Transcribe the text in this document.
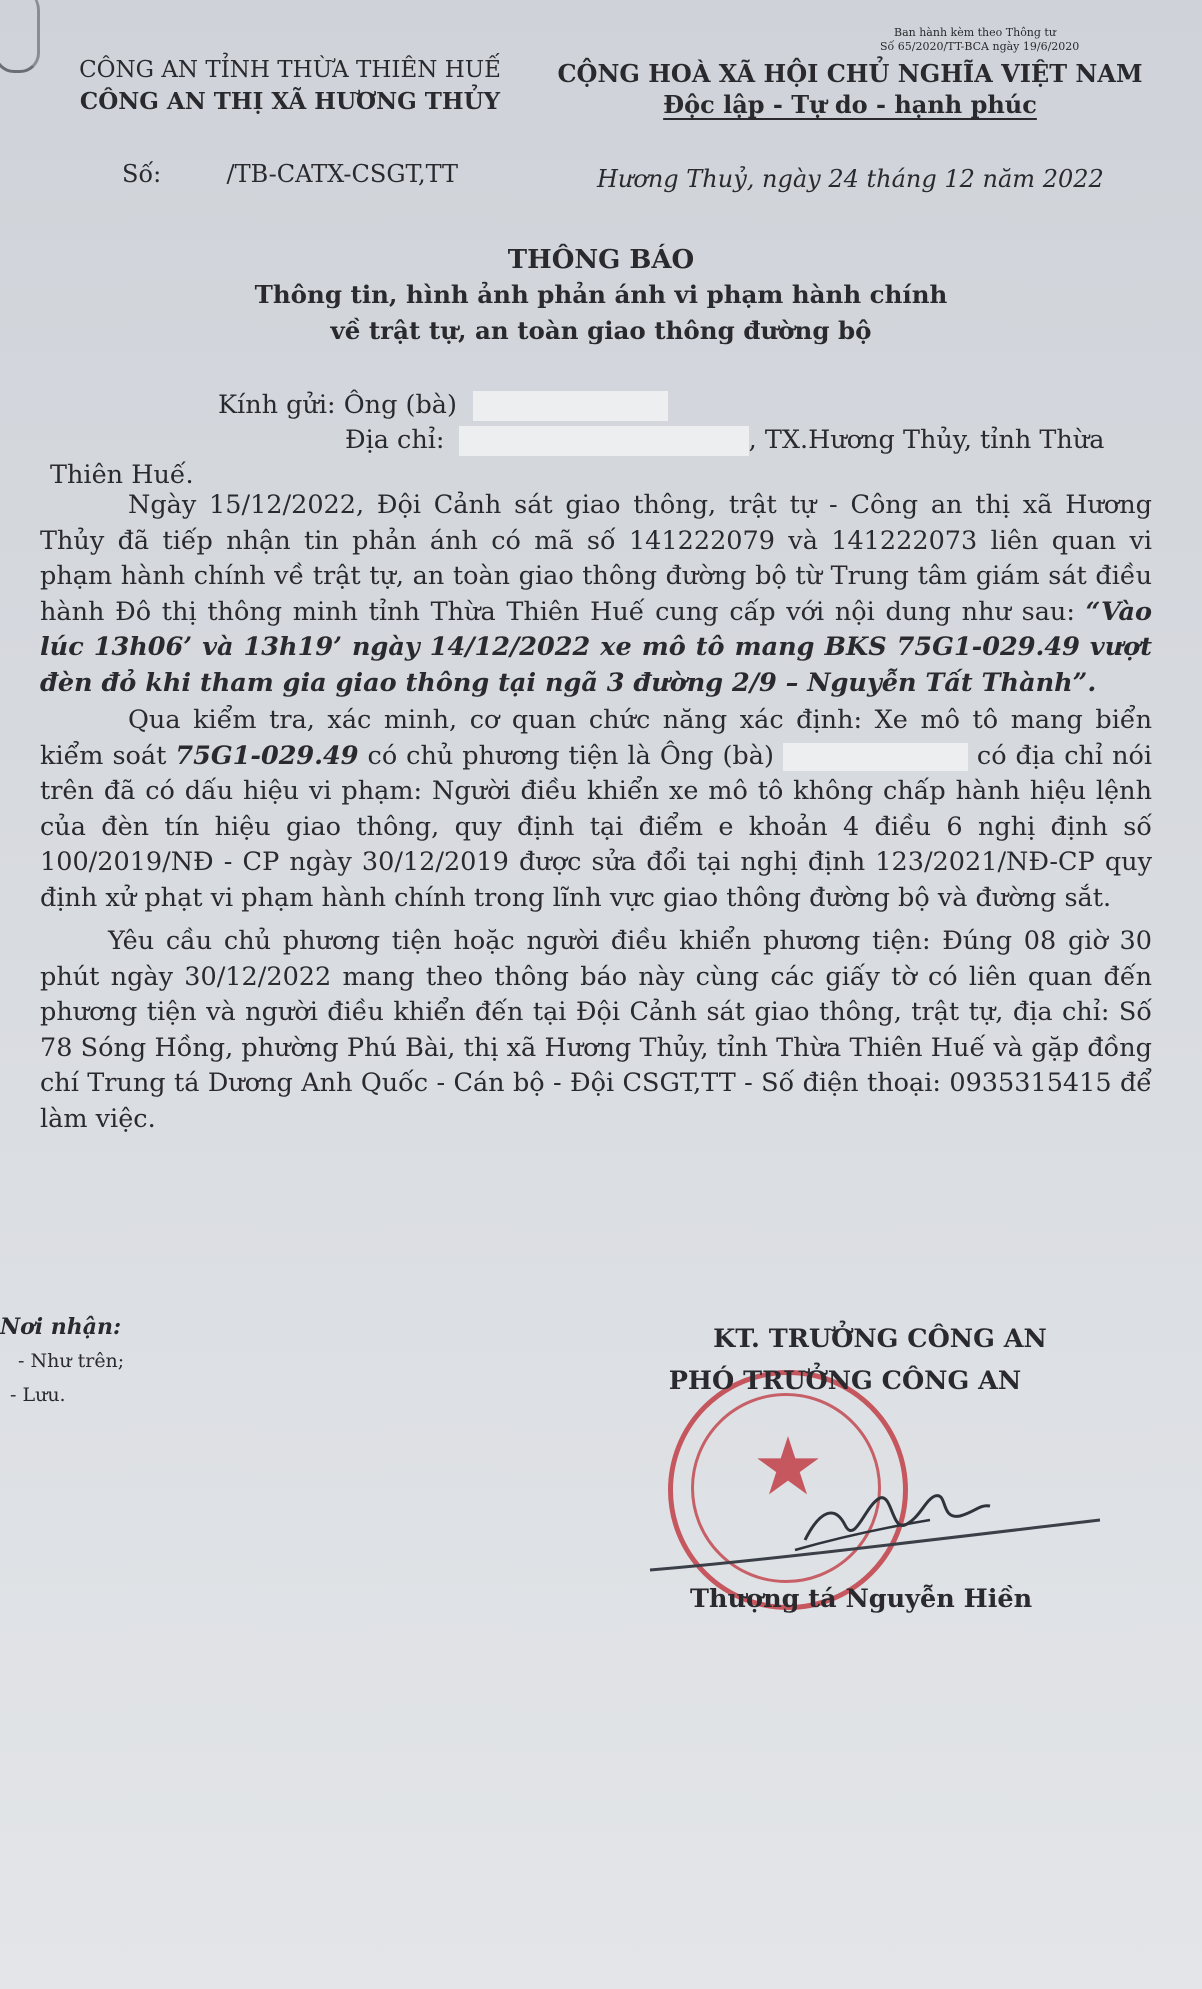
Ban hành kèm theo Thông tư
Số 65/2020/TT-BCA ngày 19/6/2020
CÔNG AN TỈNH THỪA THIÊN HUẾ
CÔNG AN THỊ XÃ HƯƠNG THỦY
CỘNG HOÀ XÃ HỘI CHỦ NGHĨA VIỆT NAM
Độc lập - Tự do - hạnh phúc
Số:	/TB-CATX-CSGT,TT	Hương Thuỷ, ngày 24 tháng 12 năm 2022
THÔNG BÁO
Thông tin, hình ảnh phản ánh vi phạm hành chính
về trật tự, an toàn giao thông đường bộ
Kính gửi: Ông (bà)
Địa chỉ:	, TX.Hương Thủy, tỉnh Thừa
Thiên Huế.

Ngày 15/12/2022, Đội Cảnh sát giao thông, trật tự - Công an thị xã Hương Thủy đã tiếp nhận tin phản ánh có mã số 141222079 và 141222073 liên quan vi phạm hành chính về trật tự, an toàn giao thông đường bộ từ Trung tâm giám sát điều hành Đô thị thông minh tỉnh Thừa Thiên Huế cung cấp với nội dung như sau: “Vào lúc 13h06’ và 13h19’ ngày 14/12/2022 xe mô tô mang BKS 75G1-029.49 vượt đèn đỏ khi tham gia giao thông tại ngã 3 đường 2/9 – Nguyễn Tất Thành”.

Qua kiểm tra, xác minh, cơ quan chức năng xác định: Xe mô tô mang biển kiểm soát 75G1-029.49 có chủ phương tiện là Ông (bà)	có địa chỉ nói trên đã có dấu hiệu vi phạm: Người điều khiển xe mô tô không chấp hành hiệu lệnh của đèn tín hiệu giao thông, quy định tại điểm e khoản 4 điều 6 nghị định số 100/2019/NĐ - CP ngày 30/12/2019 được sửa đổi tại nghị định 123/2021/NĐ-CP quy định xử phạt vi phạm hành chính trong lĩnh vực giao thông đường bộ và đường sắt.

Yêu cầu chủ phương tiện hoặc người điều khiển phương tiện: Đúng 08 giờ 30 phút ngày 30/12/2022 mang theo thông báo này cùng các giấy tờ có liên quan đến phương tiện và người điều khiển đến tại Đội Cảnh sát giao thông, trật tự, địa chỉ: Số 78 Sóng Hồng, phường Phú Bài, thị xã Hương Thủy, tỉnh Thừa Thiên Huế và gặp đồng chí Trung tá Dương Anh Quốc - Cán bộ - Đội CSGT,TT - Số điện thoại: 0935315415 để làm việc.

Nơi nhận:
- Như trên;
- Lưu.
★
KT. TRƯỞNG CÔNG AN
PHÓ TRƯỞNG CÔNG AN
Thượng tá Nguyễn Hiền
